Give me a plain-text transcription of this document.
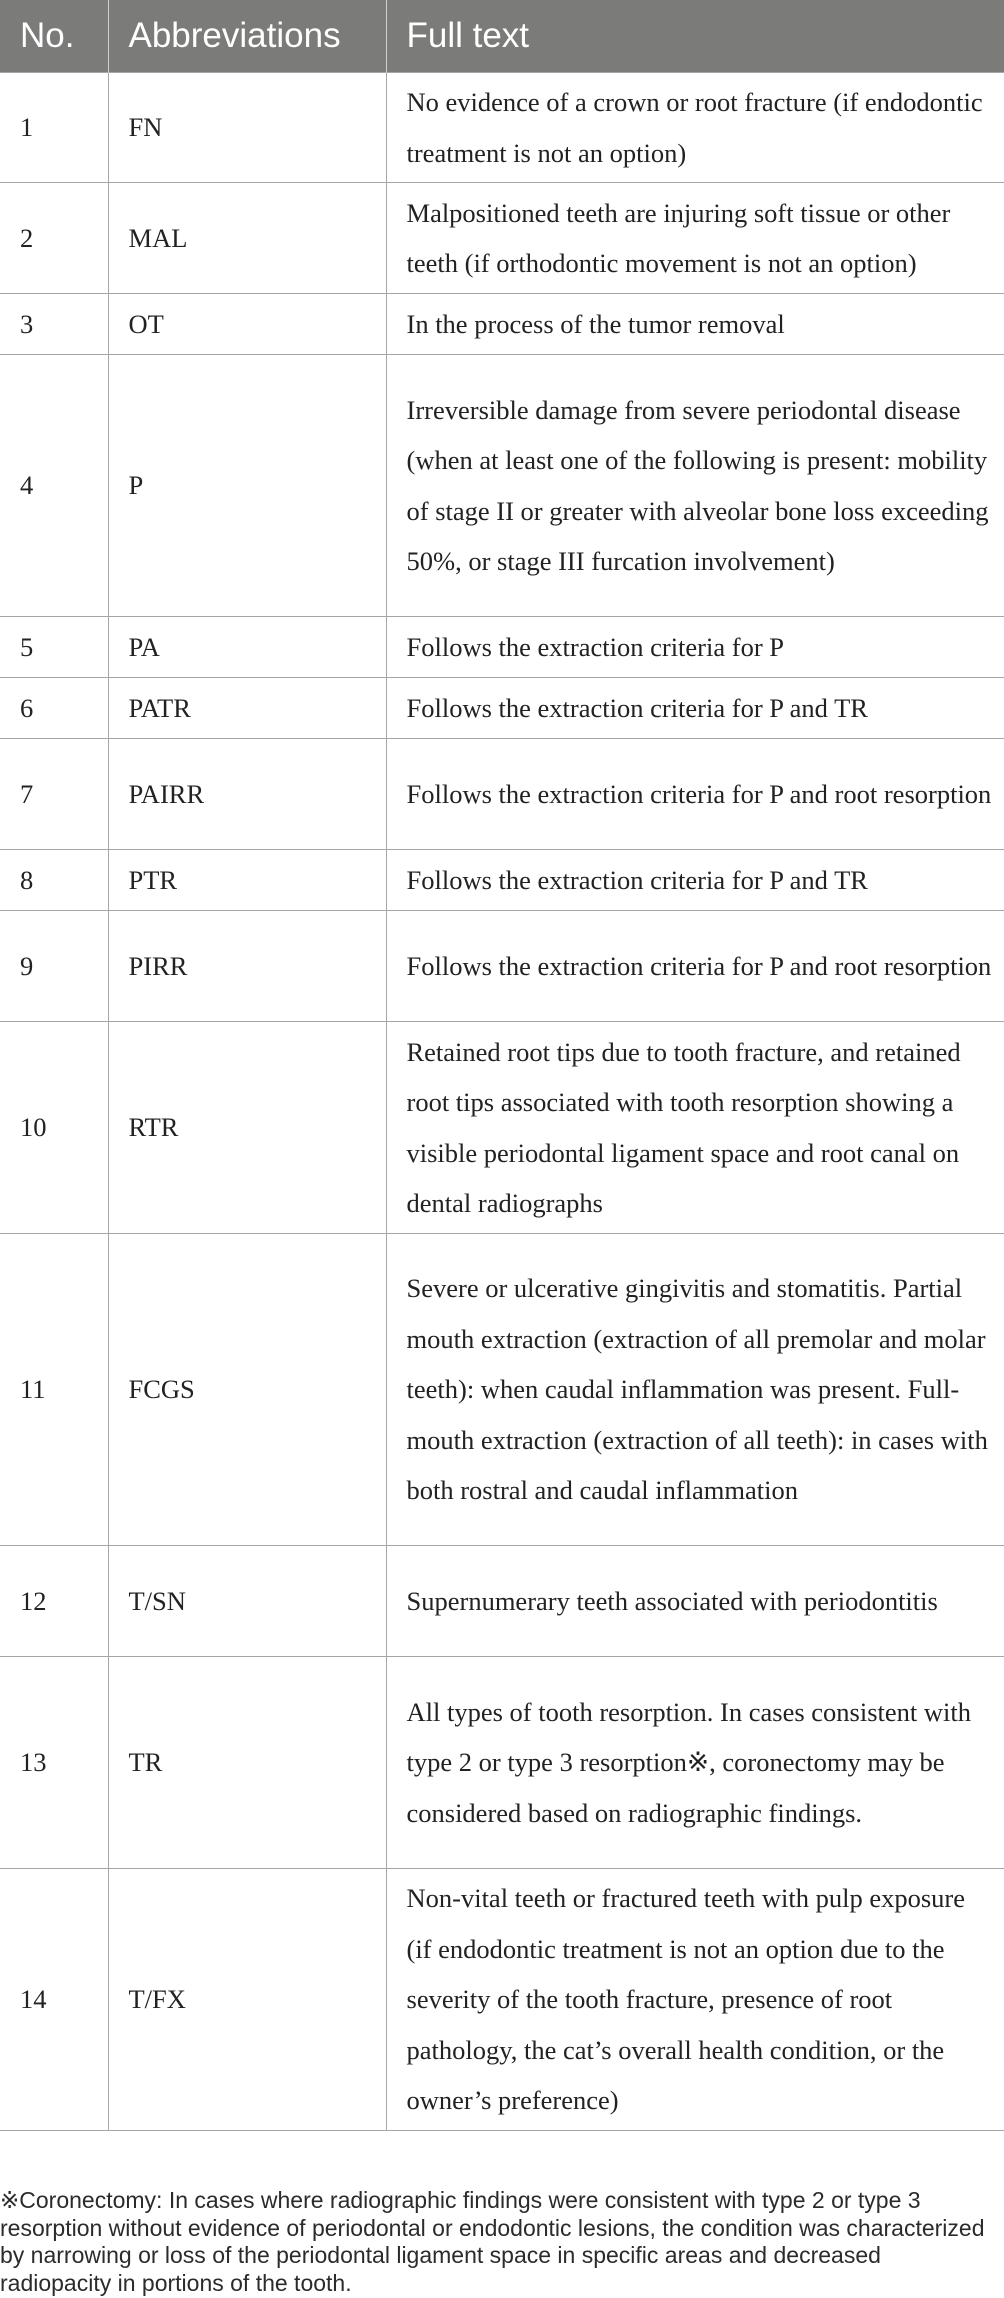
No.	Abbreviations	Full text
1	FN	No evidence of a crown or root fracture (if endodontic treatment is not an option)
2	MAL	Malpositioned teeth are injuring soft tissue or other teeth (if orthodontic movement is not an option)
3	OT	In the process of the tumor removal
4	P	Irreversible damage from severe periodontal disease (when at least one of the following is present: mobility of stage II or greater with alveolar bone loss exceeding 50%, or stage III furcation involvement)
5	PA	Follows the extraction criteria for P
6	PATR	Follows the extraction criteria for P and TR
7	PAIRR	Follows the extraction criteria for P and root resorption
8	PTR	Follows the extraction criteria for P and TR
9	PIRR	Follows the extraction criteria for P and root resorption
10	RTR	Retained root tips due to tooth fracture, and retained root tips associated with tooth resorption showing a visible periodontal ligament space and root canal on dental radiographs
11	FCGS	Severe or ulcerative gingivitis and stomatitis. Partial mouth extraction (extraction of all premolar and molar teeth): when caudal inflammation was present. Full-mouth extraction (extraction of all teeth): in cases with both rostral and caudal inflammation
12	T/SN	Supernumerary teeth associated with periodontitis
13	TR	All types of tooth resorption. In cases consistent with type 2 or type 3 resorption※, coronectomy may be considered based on radiographic findings.
14	T/FX	Non-vital teeth or fractured teeth with pulp exposure (if endodontic treatment is not an option due to the severity of the tooth fracture, presence of root pathology, the cat’s overall health condition, or the owner’s preference)
※Coronectomy: In cases where radiographic findings were consistent with type 2 or type 3 resorption without evidence of periodontal or endodontic lesions, the condition was characterized by narrowing or loss of the periodontal ligament space in specific areas and decreased radiopacity in portions of the tooth.
